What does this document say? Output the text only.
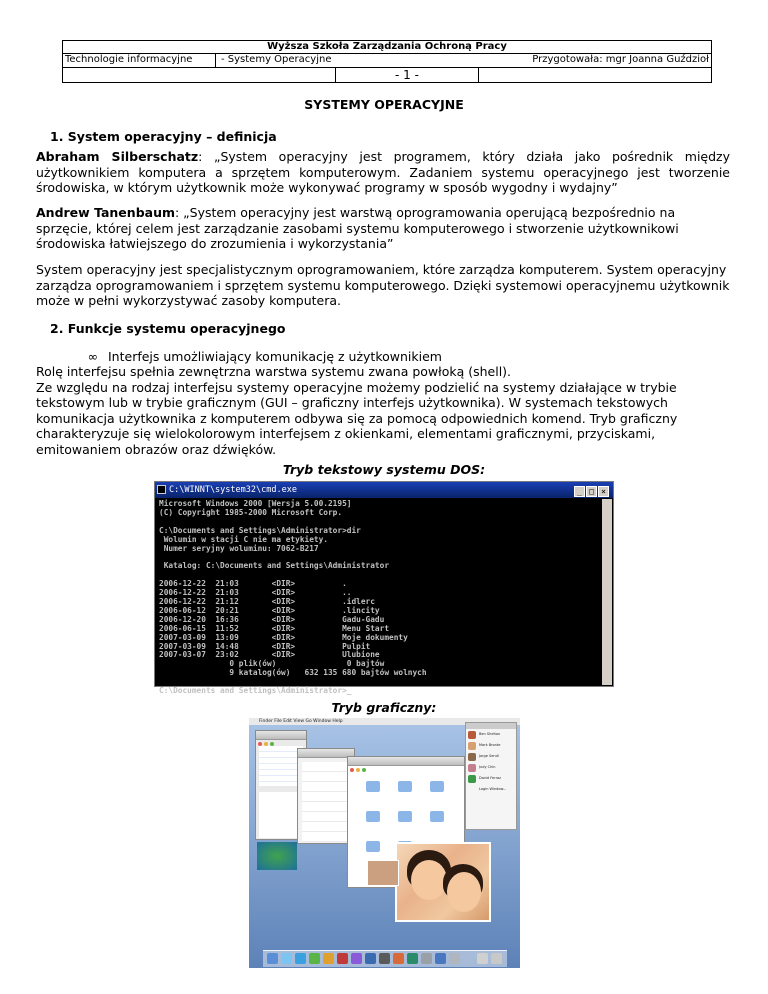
Wyższa Szkoła Zarządzania Ochroną Pracy
Technologie informacyjne	- Systemy Operacyjne	Przygotowała: mgr Joanna Guździoł
- 1 -
SYSTEMY OPERACYJNE
1. System operacyjny – definicja
Abraham Silberschatz: „System operacyjny jest programem, który działa jako pośrednik między użytkownikiem komputera a sprzętem komputerowym. Zadaniem systemu operacyjnego jest tworzenie środowiska, w którym użytkownik może wykonywać programy w sposób wygodny i wydajny”
Andrew Tanenbaum: „System operacyjny jest warstwą oprogramowania operującą bezpośrednio na sprzęcie, której celem jest zarządzanie zasobami systemu komputerowego i stworzenie użytkownikowi środowiska łatwiejszego do zrozumienia i wykorzystania”
System operacyjny jest specjalistycznym oprogramowaniem, które zarządza komputerem. System operacyjny zarządza oprogramowaniem i sprzętem systemu komputerowego. Dzięki systemowi operacyjnemu użytkownik może w pełni wykorzystywać zasoby komputera.
2. Funkcje systemu operacyjnego
∞ Interfejs umożliwiający komunikację z użytkownikiem
Rolę interfejsu spełnia zewnętrzna warstwa systemu zwana powłoką (shell).
Ze względu na rodzaj interfejsu systemy operacyjne możemy podzielić na systemy działające w trybie tekstowym lub w trybie graficznym (GUI – graficzny interfejs użytkownika). W systemach tekstowych komunikacja użytkownika z komputerem odbywa się za pomocą odpowiednich komend. Tryb graficzny charakteryzuje się wielokolorowym interfejsem z okienkami, elementami graficznymi, przyciskami, emitowaniem obrazów oraz dźwięków.
Tryb tekstowy systemu DOS:
C:\WINNT\system32\cmd.exe	_ □ ×
Microsoft Windows 2000 [Wersja 5.00.2195]
(C) Copyright 1985-2000 Microsoft Corp.

C:\Documents and Settings\Administrator>dir
Wolumin w stacji C nie ma etykiety.
Numer seryjny woluminu: 7062-B217

Katalog: C:\Documents and Settings\Administrator

2006-12-22  21:03       <DIR>          .
2006-12-22  21:03       <DIR>          ..
2006-12-22  21:12       <DIR>          .idlerc
2006-06-12  20:21       <DIR>          .lincity
2006-12-20  16:36       <DIR>          Gadu-Gadu
2006-06-15  11:52       <DIR>          Menu Start
2007-03-09  13:09       <DIR>          Moje dokumenty
2007-03-09  14:48       <DIR>          Pulpit
2007-03-07  23:02       <DIR>          Ulubione
0 plik(ów)               0 bajtów
9 katalog(ów)   632 135 680 bajtów wolnych

C:\Documents and Settings\Administrator>_
Tryb graficzny:
Finder File Edit View Go Window Help
Ben Shelton
Mark Bronte
Jorge Sendi
Judy Chin
David Ferraz
Login Window...
